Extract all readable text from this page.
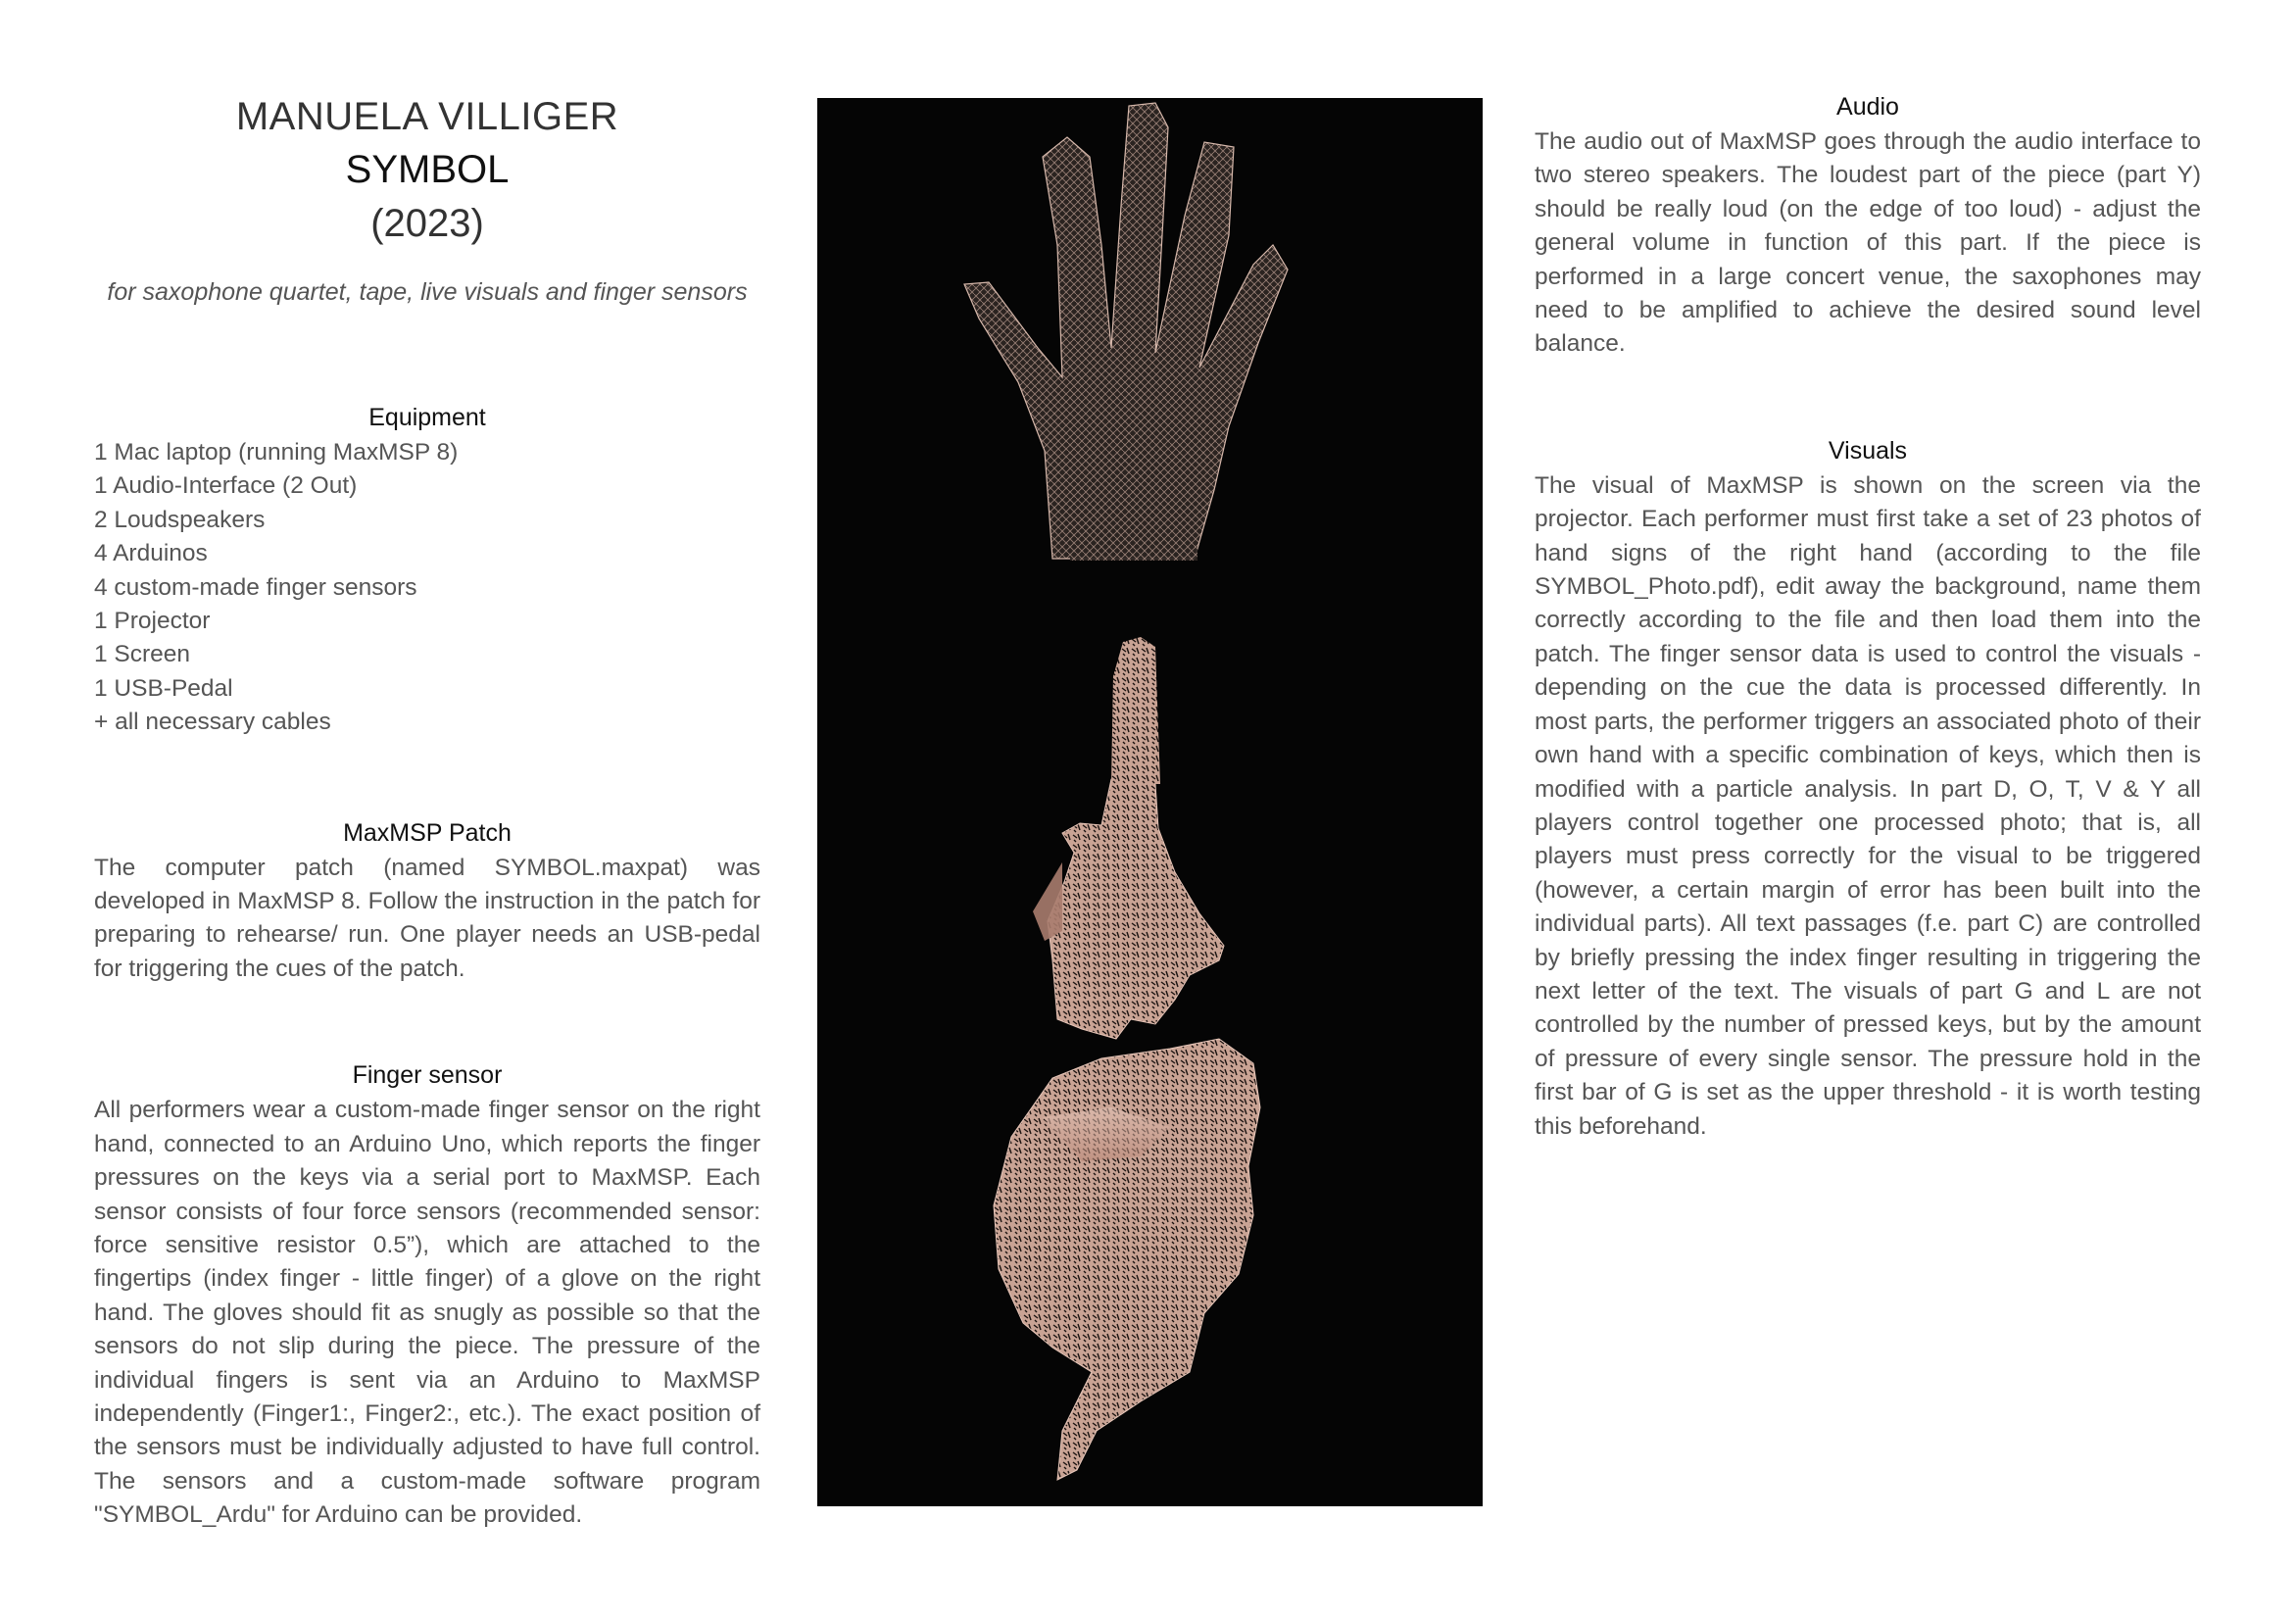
MANUELA VILLIGER
SYMBOL
(2023)
for saxophone quartet, tape, live visuals and finger sensors
Equipment
1 Mac laptop (running MaxMSP 8)
1 Audio-Interface (2 Out)
2 Loudspeakers
4 Arduinos
4 custom-made finger sensors
1 Projector
1 Screen
1 USB-Pedal
+ all necessary cables
MaxMSP Patch

The computer patch (named SYMBOL.maxpat) was developed in MaxMSP 8. Follow the instruction in the patch for preparing to rehearse/ run. One player needs an USB-pedal for triggering the cues of the patch.

Finger sensor

All performers wear a custom-made finger sensor on the right hand, connected to an Arduino Uno, which reports the finger pressures on the keys via a serial port to MaxMSP. Each sensor consists of four force sensors (recommended sensor: force sensitive resistor 0.5”), which are attached to the fingertips (index finger - little finger) of a glove on the right hand. The gloves should fit as snugly as possible so that the sensors do not slip during the piece. The pressure of the individual fingers is sent via an Arduino to MaxMSP independently (Finger1:, Finger2:, etc.). The exact position of the sensors must be individually adjusted to have full control. The sensors and a custom-made software program "SYMBOL_Ardu" for Arduino can be provided.

Audio

The audio out of MaxMSP goes through the audio interface to two stereo speakers. The loudest part of the piece (part Y) should be really loud (on the edge of too loud) - adjust the general volume in function of this part. If the piece is performed in a large concert venue, the saxophones may need to be amplified to achieve the desired sound level balance.

Visuals

The visual of MaxMSP is shown on the screen via the projector. Each performer must first take a set of 23 photos of hand signs of the right hand (according to the file SYMBOL_Photo.pdf), edit away the background, name them correctly according to the file and then load them into the patch. The finger sensor data is used to control the visuals - depending on the cue the data is processed differently. In most parts, the performer triggers an associated photo of their own hand with a specific combination of keys, which then is modified with a particle analysis. In part D, O, T, V & Y all players control together one processed photo; that is, all players must press correctly for the visual to be triggered (however, a certain margin of error has been built into the individual parts). All text passages (f.e. part C) are controlled by briefly pressing the index finger resulting in triggering the next letter of the text. The visuals of part G and L are not controlled by the number of pressed keys, but by the amount of pressure of every single sensor. The pressure hold in the first bar of G is set as the upper threshold - it is worth testing this beforehand.
